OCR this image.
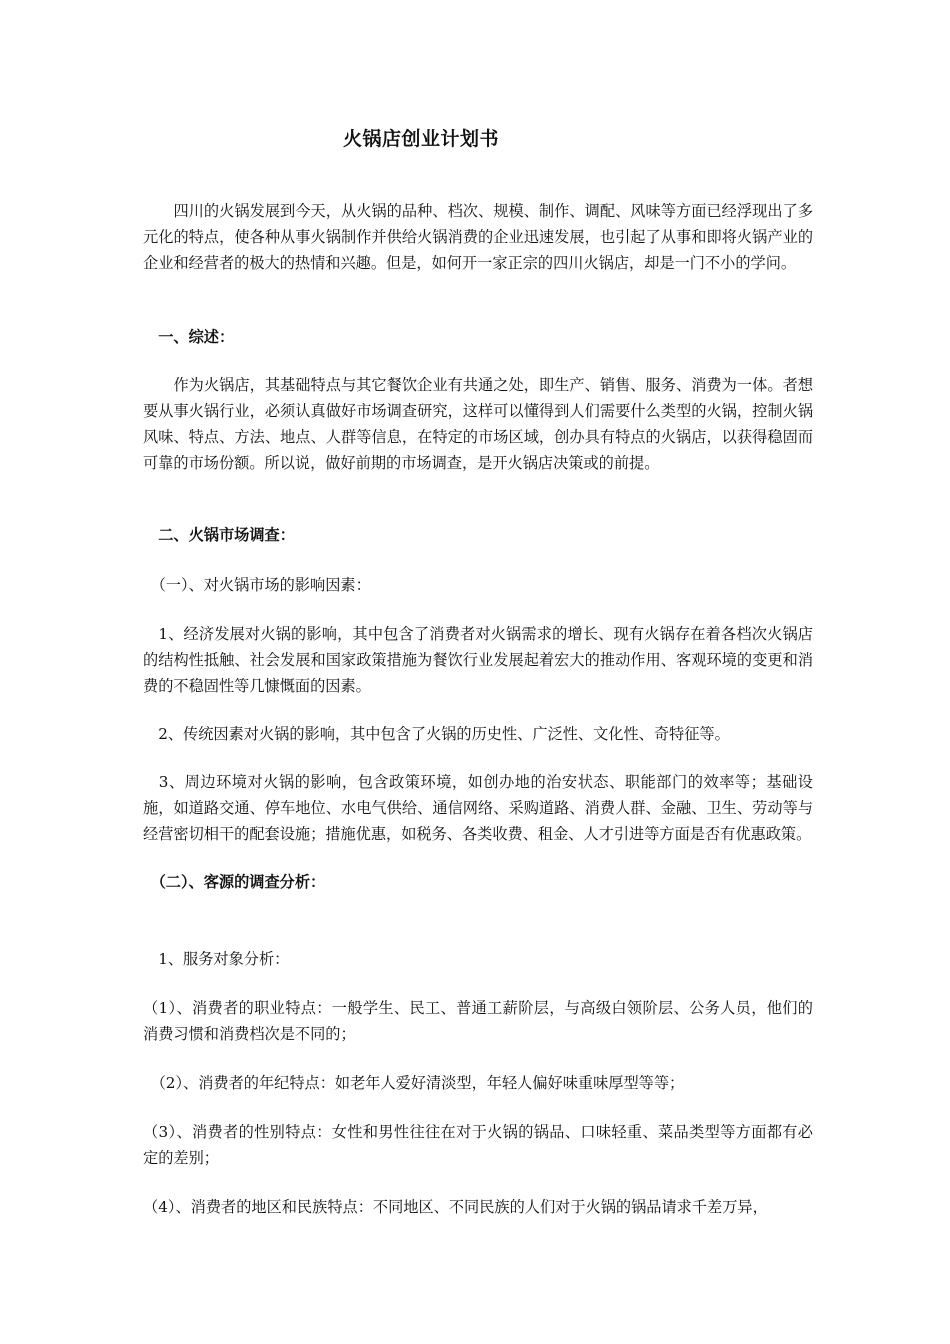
火锅店创业计划书

　　四川的火锅发展到今天，从火锅的品种、档次、规模、制作、调配、风味等方面已经浮现出了多元化的特点，使各种从事火锅制作并供给火锅消费的企业迅速发展，也引起了从事和即将火锅产业的企业和经营者的极大的热情和兴趣。但是，如何开一家正宗的四川火锅店，却是一门不小的学问。

　一、综述：

　　作为火锅店，其基础特点与其它餐饮企业有共通之处，即生产、销售、服务、消费为一体。者想要从事火锅行业，必须认真做好市场调查研究，这样可以懂得到人们需要什么类型的火锅，控制火锅风味、特点、方法、地点、人群等信息，在特定的市场区域，创办具有特点的火锅店，以获得稳固而可靠的市场份额。所以说，做好前期的市场调查，是开火锅店决策或的前提。

　二、火锅市场调查：

　（一）、对火锅市场的影响因素：

　1、经济发展对火锅的影响，其中包含了消费者对火锅需求的增长、现有火锅存在着各档次火锅店的结构性抵触、社会发展和国家政策措施为餐饮行业发展起着宏大的推动作用、客观环境的变更和消费的不稳固性等几慷慨面的因素。

　2、传统因素对火锅的影响，其中包含了火锅的历史性、广泛性、文化性、奇特征等。

　3、周边环境对火锅的影响，包含政策环境，如创办地的治安状态、职能部门的效率等；基础设施，如道路交通、停车地位、水电气供给、通信网络、采购道路、消费人群、金融、卫生、劳动等与经营密切相干的配套设施；措施优惠，如税务、各类收费、租金、人才引进等方面是否有优惠政策。

　（二）、客源的调查分析：

　1、服务对象分析：

（1）、消费者的职业特点：一般学生、民工、普通工薪阶层，与高级白领阶层、公务人员，他们的消费习惯和消费档次是不同的；

　（2）、消费者的年纪特点：如老年人爱好清淡型，年轻人偏好味重味厚型等等；

（3）、消费者的性别特点：女性和男性往往在对于火锅的锅品、口味轻重、菜品类型等方面都有必定的差别；

（4）、消费者的地区和民族特点：不同地区、不同民族的人们对于火锅的锅品请求千差万异，
